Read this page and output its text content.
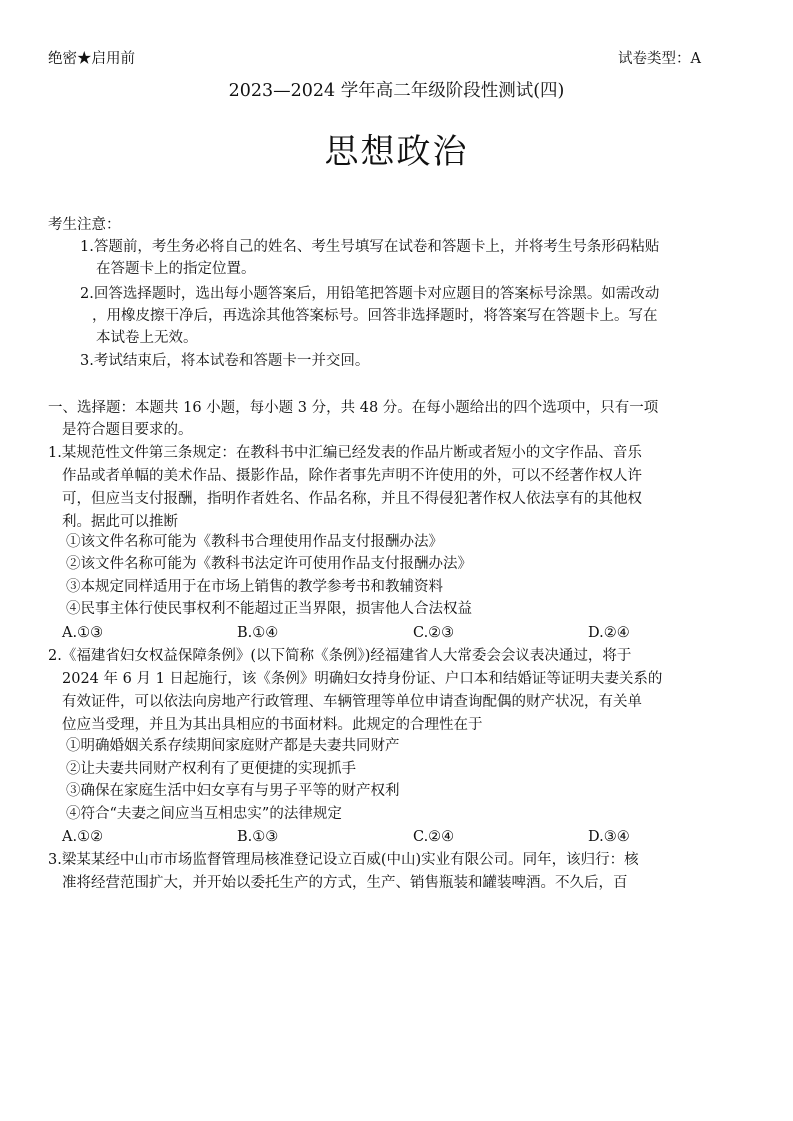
绝密★启用前	试卷类型：A
2023—2024 学年高二年级阶段性测试(四)
思想政治
考生注意：
1.答题前，考生务必将自己的姓名、考生号填写在试卷和答题卡上，并将考生号条形码粘贴
在答题卡上的指定位置。
2.回答选择题时，选出每小题答案后，用铅笔把答题卡对应题目的答案标号涂黑。如需改动
，用橡皮擦干净后，再选涂其他答案标号。回答非选择题时，将答案写在答题卡上。写在
本试卷上无效。
3.考试结束后，将本试卷和答题卡一并交回。
一、选择题：本题共 16 小题，每小题 3 分，共 48 分。在每小题给出的四个选项中，只有一项
是符合题目要求的。
1.某规范性文件第三条规定：在教科书中汇编已经发表的作品片断或者短小的文字作品、音乐
作品或者单幅的美术作品、摄影作品，除作者事先声明不许使用的外，可以不经著作权人许
可，但应当支付报酬，指明作者姓名、作品名称，并且不得侵犯著作权人依法享有的其他权
利。据此可以推断
①该文件名称可能为《教科书合理使用作品支付报酬办法》
②该文件名称可能为《教科书法定许可使用作品支付报酬办法》
③本规定同样适用于在市场上销售的教学参考书和教辅资料
④民事主体行使民事权利不能超过正当界限，损害他人合法权益
A.①③	B.①④	C.②③	D.②④
2.《福建省妇女权益保障条例》(以下简称《条例》)经福建省人大常委会会议表决通过，将于
2024 年 6 月 1 日起施行，该《条例》明确妇女持身份证、户口本和结婚证等证明夫妻关系的
有效证件，可以依法向房地产行政管理、车辆管理等单位申请查询配偶的财产状况，有关单
位应当受理，并且为其出具相应的书面材料。此规定的合理性在于
①明确婚姻关系存续期间家庭财产都是夫妻共同财产
②让夫妻共同财产权利有了更便捷的实现抓手
③确保在家庭生活中妇女享有与男子平等的财产权利
④符合“夫妻之间应当互相忠实”的法律规定
A.①②	B.①③	C.②④	D.③④
3.梁某某经中山市市场监督管理局核准登记设立百威(中山)实业有限公司。同年，该归行：核
准将经营范围扩大，并开始以委托生产的方式，生产、销售瓶装和罐装啤酒。不久后，百
